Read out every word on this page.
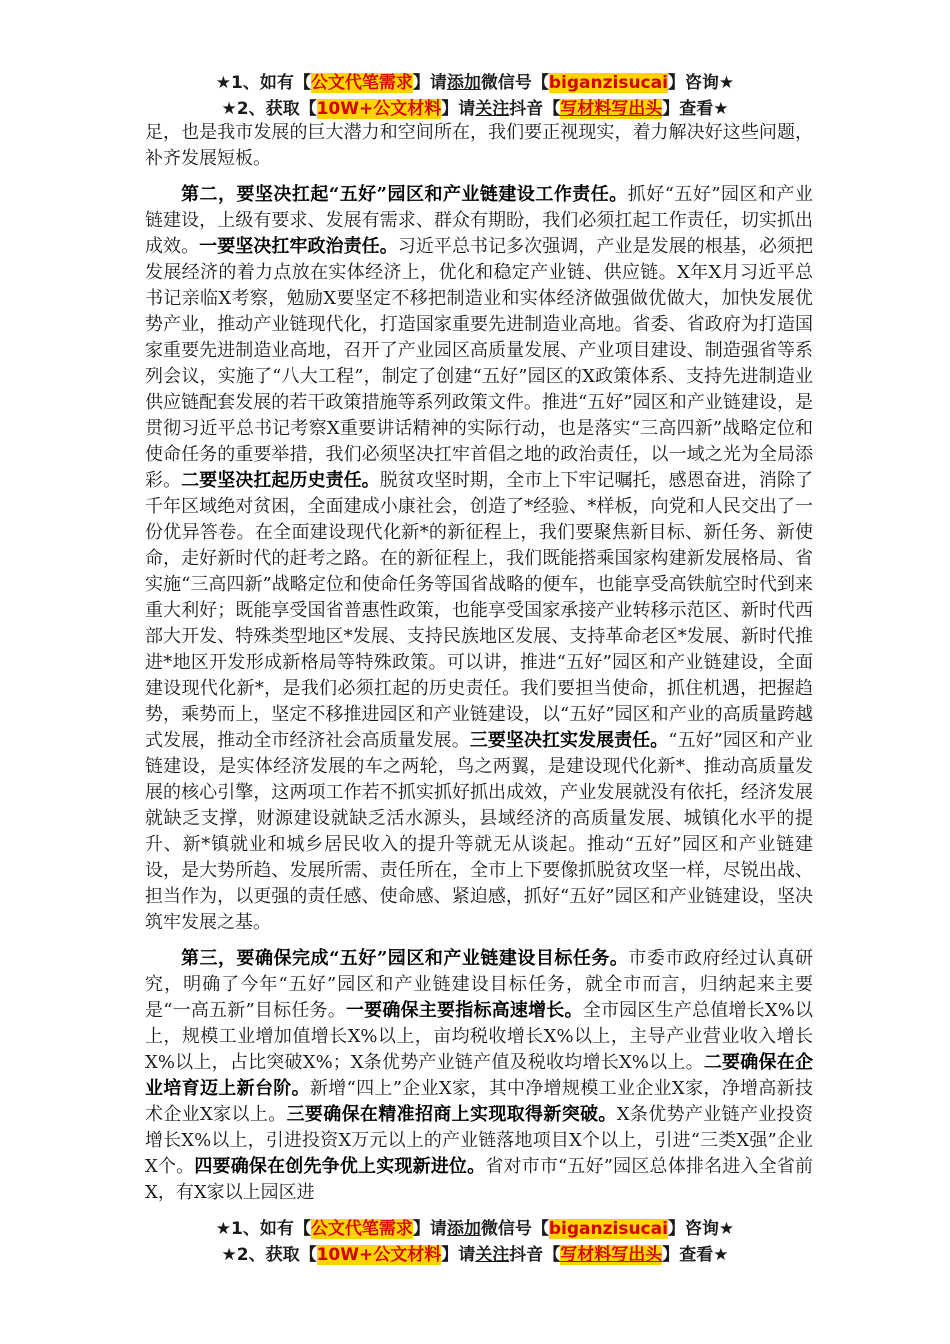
★1、如有【公文代笔需求】请添加微信号【biganzisucai】咨询★
★2、获取【10W+公文材料】请关注抖音【写材料写出头】查看★

足，也是我市发展的巨大潜力和空间所在，我们要正视现实，着力解决好这些问题，补齐发展短板。

第二，要坚决扛起“五好”园区和产业链建设工作责任。抓好“五好”园区和产业链建设，上级有要求、发展有需求、群众有期盼，我们必须扛起工作责任，切实抓出成效。一要坚决扛牢政治责任。习近平总书记多次强调，产业是发展的根基，必须把发展经济的着力点放在实体经济上，优化和稳定产业链、供应链。X年X月习近平总书记亲临X考察，勉励X要坚定不移把制造业和实体经济做强做优做大，加快发展优势产业，推动产业链现代化，打造国家重要先进制造业高地。省委、省政府为打造国家重要先进制造业高地，召开了产业园区高质量发展、产业项目建设、制造强省等系列会议，实施了“八大工程”，制定了创建“五好”园区的X政策体系、支持先进制造业供应链配套发展的若干政策措施等系列政策文件。推进“五好”园区和产业链建设，是贯彻习近平总书记考察X重要讲话精神的实际行动，也是落实“三高四新”战略定位和使命任务的重要举措，我们必须坚决扛牢首倡之地的政治责任，以一域之光为全局添彩。二要坚决扛起历史责任。脱贫攻坚时期，全市上下牢记嘱托，感恩奋进，消除了千年区域绝对贫困，全面建成小康社会，创造了*经验、*样板，向党和人民交出了一份优异答卷。在全面建设现代化新*的新征程上，我们要聚焦新目标、新任务、新使命，走好新时代的赶考之路。在的新征程上，我们既能搭乘国家构建新发展格局、省实施“三高四新”战略定位和使命任务等国省战略的便车，也能享受高铁航空时代到来重大利好；既能享受国省普惠性政策，也能享受国家承接产业转移示范区、新时代西部大开发、特殊类型地区*发展、支持民族地区发展、支持革命老区*发展、新时代推进*地区开发形成新格局等特殊政策。可以讲，推进“五好”园区和产业链建设，全面建设现代化新*，是我们必须扛起的历史责任。我们要担当使命，抓住机遇，把握趋势，乘势而上，坚定不移推进园区和产业链建设，以“五好”园区和产业的高质量跨越式发展，推动全市经济社会高质量发展。三要坚决扛实发展责任。“五好”园区和产业链建设，是实体经济发展的车之两轮，鸟之两翼，是建设现代化新*、推动高质量发展的核心引擎，这两项工作若不抓实抓好抓出成效，产业发展就没有依托，经济发展就缺乏支撑，财源建设就缺乏活水源头，县域经济的高质量发展、城镇化水平的提升、新*镇就业和城乡居民收入的提升等就无从谈起。推动“五好”园区和产业链建设，是大势所趋、发展所需、责任所在，全市上下要像抓脱贫攻坚一样，尽锐出战、担当作为，以更强的责任感、使命感、紧迫感，抓好“五好”园区和产业链建设，坚决筑牢发展之基。

第三，要确保完成“五好”园区和产业链建设目标任务。市委市政府经过认真研究，明确了今年“五好”园区和产业链建设目标任务，就全市而言，归纳起来主要是“一高五新”目标任务。一要确保主要指标高速增长。全市园区生产总值增长X%以上，规模工业增加值增长X%以上，亩均税收增长X%以上，主导产业营业收入增长X%以上，占比突破X%；X条优势产业链产值及税收均增长X%以上。二要确保在企业培育迈上新台阶。新增“四上”企业X家，其中净增规模工业企业X家，净增高新技术企业X家以上。三要确保在精准招商上实现取得新突破。X条优势产业链产业投资增长X%以上，引进投资X万元以上的产业链落地项目X个以上，引进“三类X强”企业X个。四要确保在创先争优上实现新进位。省对市市“五好”园区总体排名进入全省前X，有X家以上园区进

★1、如有【公文代笔需求】请添加微信号【biganzisucai】咨询★
★2、获取【10W+公文材料】请关注抖音【写材料写出头】查看★
